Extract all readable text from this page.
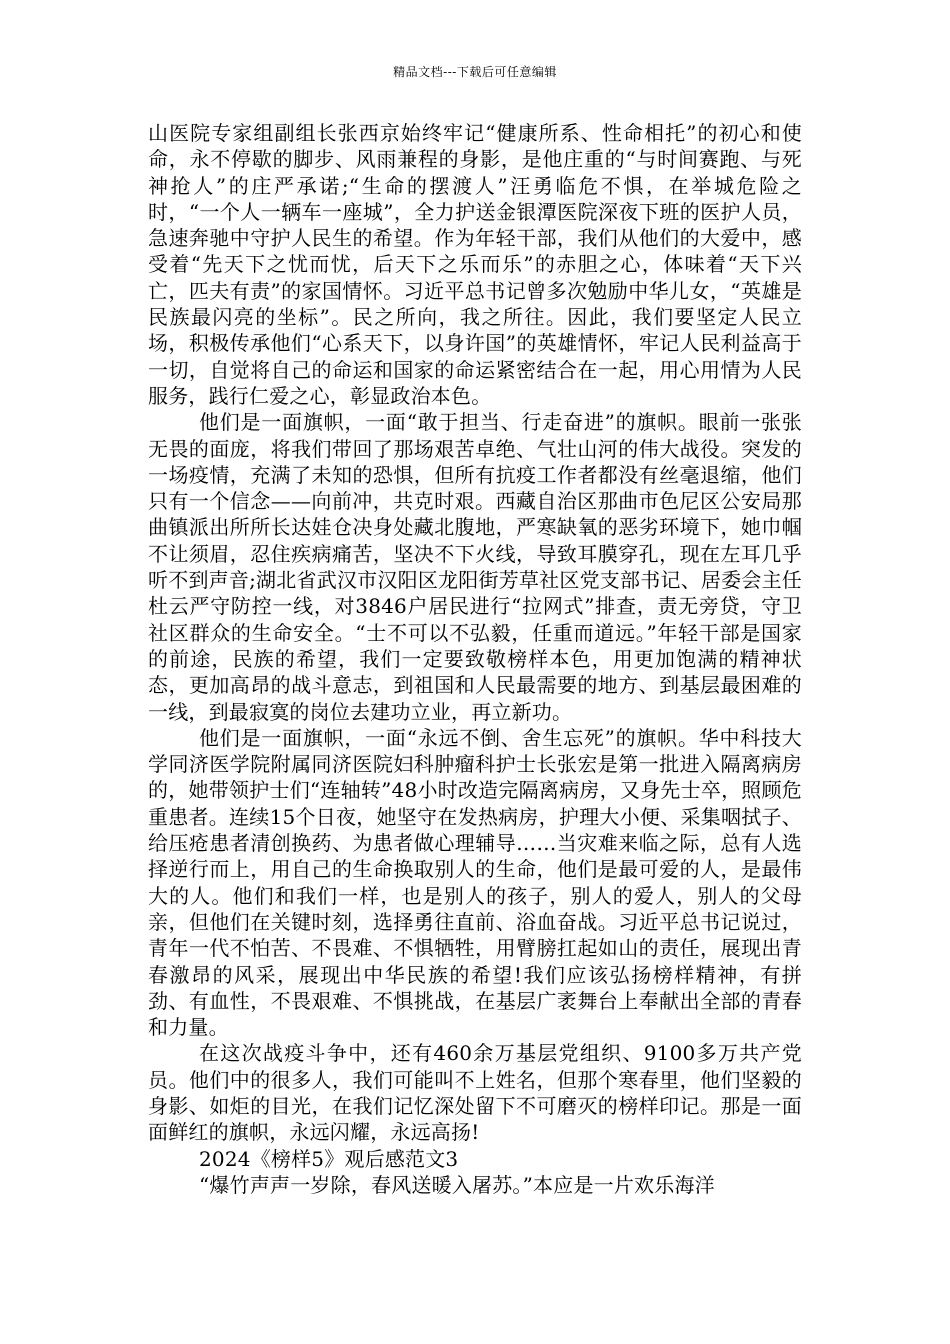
精品文档---下载后可任意编辑

山医院专家组副组长张西京始终牢记“健康所系、性命相托”的初心和使命，永不停歇的脚步、风雨兼程的身影，是他庄重的“与时间赛跑、与死神抢人”的庄严承诺;“生命的摆渡人”汪勇临危不惧，在举城危险之时，“一个人一辆车一座城”，全力护送金银潭医院深夜下班的医护人员，急速奔驰中守护人民生的希望。作为年轻干部，我们从他们的大爱中，感受着“先天下之忧而忧，后天下之乐而乐”的赤胆之心，体味着“天下兴亡，匹夫有责”的家国情怀。习近平总书记曾多次勉励中华儿女，“英雄是民族最闪亮的坐标”。民之所向，我之所往。因此，我们要坚定人民立场，积极传承他们“心系天下，以身许国”的英雄情怀，牢记人民利益高于一切，自觉将自己的命运和国家的命运紧密结合在一起，用心用情为人民服务，践行仁爱之心，彰显政治本色。

他们是一面旗帜，一面“敢于担当、行走奋进”的旗帜。眼前一张张无畏的面庞，将我们带回了那场艰苦卓绝、气壮山河的伟大战役。突发的一场疫情，充满了未知的恐惧，但所有抗疫工作者都没有丝毫退缩，他们只有一个信念——向前冲，共克时艰。西藏自治区那曲市色尼区公安局那曲镇派出所所长达娃仓决身处藏北腹地，严寒缺氧的恶劣环境下，她巾帼不让须眉，忍住疾病痛苦，坚决不下火线，导致耳膜穿孔，现在左耳几乎听不到声音;湖北省武汉市汉阳区龙阳街芳草社区党支部书记、居委会主任杜云严守防控一线，对3846户居民进行“拉网式”排查，责无旁贷，守卫社区群众的生命安全。“士不可以不弘毅，任重而道远。”年轻干部是国家的前途，民族的希望，我们一定要致敬榜样本色，用更加饱满的精神状态，更加高昂的战斗意志，到祖国和人民最需要的地方、到基层最困难的一线，到最寂寞的岗位去建功立业，再立新功。

他们是一面旗帜，一面“永远不倒、舍生忘死”的旗帜。华中科技大学同济医学院附属同济医院妇科肿瘤科护士长张宏是第一批进入隔离病房的，她带领护士们“连轴转”48小时改造完隔离病房，又身先士卒，照顾危重患者。连续15个日夜，她坚守在发热病房，护理大小便、采集咽拭子、给压疮患者清创换药、为患者做心理辅导……当灾难来临之际，总有人选择逆行而上，用自己的生命换取别人的生命，他们是最可爱的人，是最伟大的人。他们和我们一样，也是别人的孩子，别人的爱人，别人的父母亲，但他们在关键时刻，选择勇往直前、浴血奋战。习近平总书记说过，青年一代不怕苦、不畏难、不惧牺牲，用臂膀扛起如山的责任，展现出青春激昂的风采，展现出中华民族的希望!我们应该弘扬榜样精神，有拼劲、有血性，不畏艰难、不惧挑战，在基层广袤舞台上奉献出全部的青春和力量。

在这次战疫斗争中，还有460余万基层党组织、9100多万共产党员。他们中的很多人，我们可能叫不上姓名，但那个寒春里，他们坚毅的身影、如炬的目光，在我们记忆深处留下不可磨灭的榜样印记。那是一面面鲜红的旗帜，永远闪耀，永远高扬!

2024《榜样5》观后感范文3

“爆竹声声一岁除，春风送暖入屠苏。”本应是一片欢乐海洋
